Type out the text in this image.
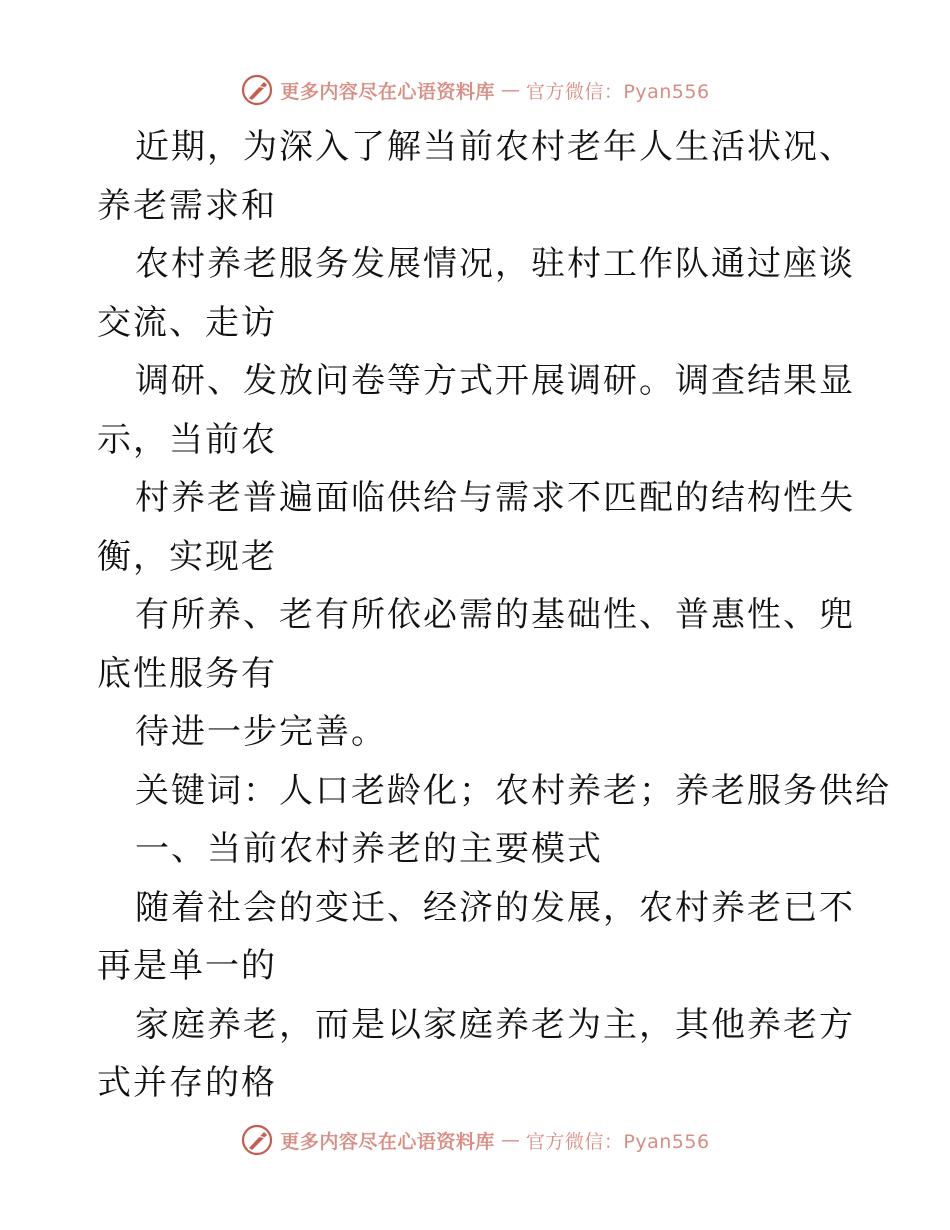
更多内容尽在心语资料库 — 官方微信：Pyan556

近期，为深入了解当前农村老年人生活状况、养老需求和

农村养老服务发展情况，驻村工作队通过座谈交流、走访

调研、发放问卷等方式开展调研。调查结果显示，当前农

村养老普遍面临供给与需求不匹配的结构性失衡，实现老

有所养、老有所依必需的基础性、普惠性、兜底性服务有

待进一步完善。

关键词：人口老龄化；农村养老；养老服务供给

一、当前农村养老的主要模式

随着社会的变迁、经济的发展，农村养老已不再是单一的

家庭养老，而是以家庭养老为主，其他养老方式并存的格

更多内容尽在心语资料库 — 官方微信：Pyan556
